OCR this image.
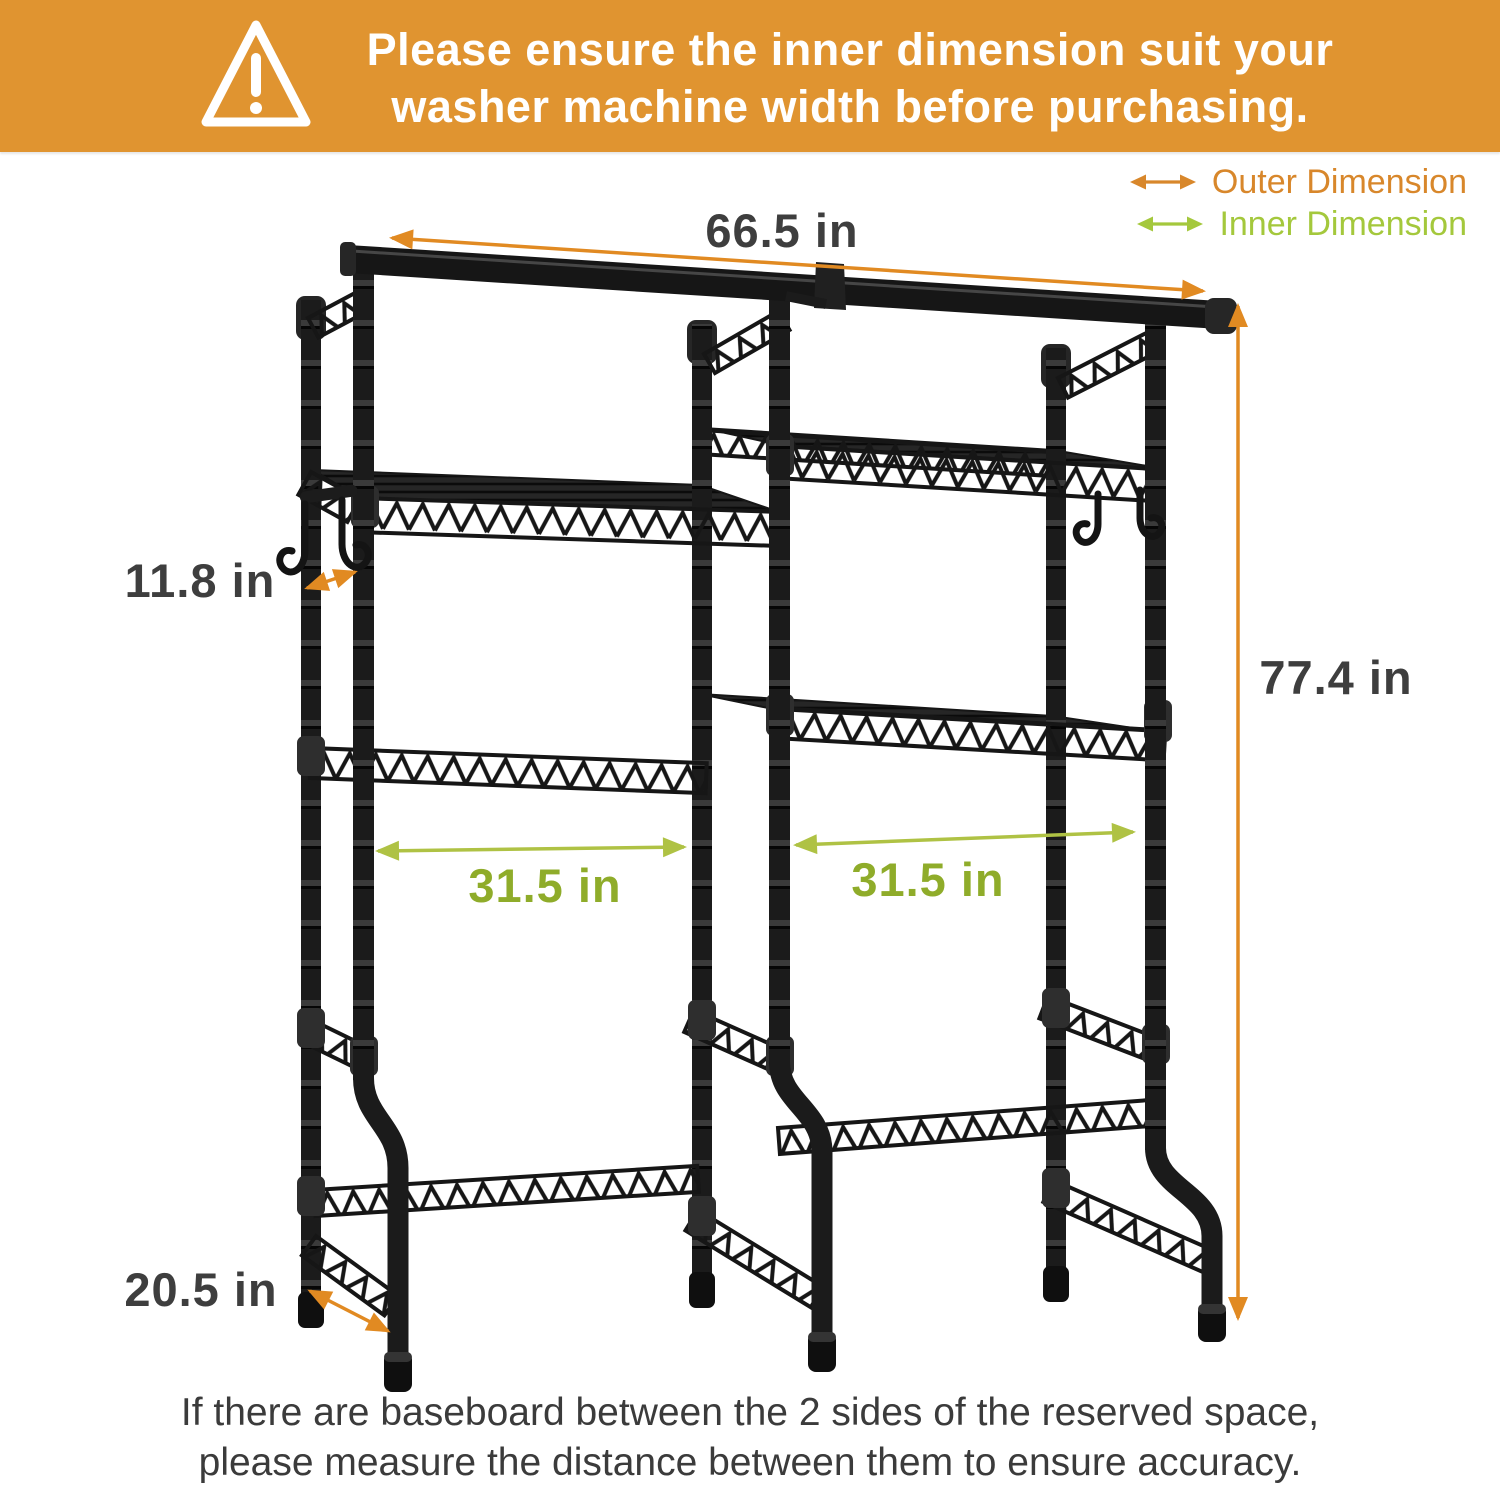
Please ensure the inner dimension suit your
washer machine width before purchasing.
Outer Dimension
Inner Dimension
66.5 in
77.4 in
11.8 in
20.5 in
31.5 in	31.5 in
If there are baseboard between the 2 sides of the reserved space,
please measure the distance between them to ensure accuracy.
